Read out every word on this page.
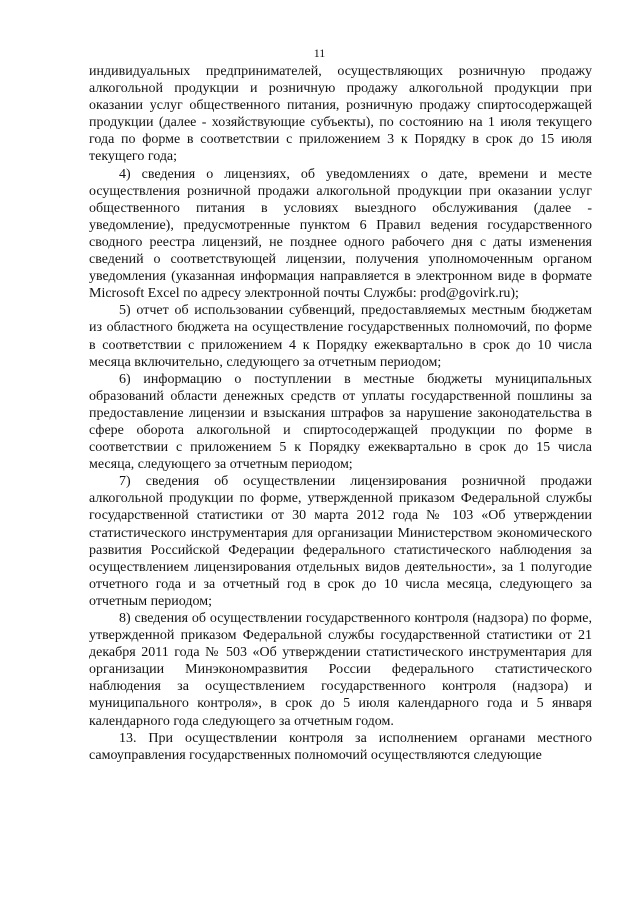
11

индивидуальных предпринимателей, осуществляющих розничную продажу алкогольной продукции и розничную продажу алкогольной продукции при оказании услуг общественного питания, розничную продажу спиртосодержащей продукции (далее - хозяйствующие субъекты), по состоянию на 1 июля текущего года по форме в соответствии с приложением 3 к Порядку в срок до 15 июля текущего года;

4) сведения о лицензиях, об уведомлениях о дате, времени и месте осуществления розничной продажи алкогольной продукции при оказании услуг общественного питания в условиях выездного обслуживания (далее - уведомление), предусмотренные пунктом 6 Правил ведения государственного сводного реестра лицензий, не позднее одного рабочего дня с даты изменения сведений о соответствующей лицензии, получения уполномоченным органом уведомления (указанная информация направляется в электронном виде в формате Microsoft Excel по адресу электронной почты Службы: prod@govirk.ru);

5) отчет об использовании субвенций, предоставляемых местным бюджетам из областного бюджета на осуществление государственных полномочий, по форме в соответствии с приложением 4 к Порядку ежеквартально в срок до 10 числа месяца включительно, следующего за отчетным периодом;

6) информацию о поступлении в местные бюджеты муниципальных образований области денежных средств от уплаты государственной пошлины за предоставление лицензии и взыскания штрафов за нарушение законодательства в сфере оборота алкогольной и спиртосодержащей продукции по форме в соответствии с приложением 5 к Порядку ежеквартально в срок до 15 числа месяца, следующего за отчетным периодом;

7) сведения об осуществлении лицензирования розничной продажи алкогольной продукции по форме, утвержденной приказом Федеральной службы государственной статистики от 30 марта 2012 года № 103 «Об утверждении статистического инструментария для организации Министерством экономического развития Российской Федерации федерального статистического наблюдения за осуществлением лицензирования отдельных видов деятельности», за 1 полугодие отчетного года и за отчетный год в срок до 10 числа месяца, следующего за отчетным периодом;

8) сведения об осуществлении государственного контроля (надзора) по форме, утвержденной приказом Федеральной службы государственной статистики от 21 декабря 2011 года № 503 «Об утверждении статистического инструментария для организации Минэкономразвития России федерального статистического наблюдения за осуществлением государственного контроля (надзора) и муниципального контроля», в срок до 5 июля календарного года и 5 января календарного года следующего за отчетным годом.

13. При осуществлении контроля за исполнением органами местного самоуправления государственных полномочий осуществляются следующие
